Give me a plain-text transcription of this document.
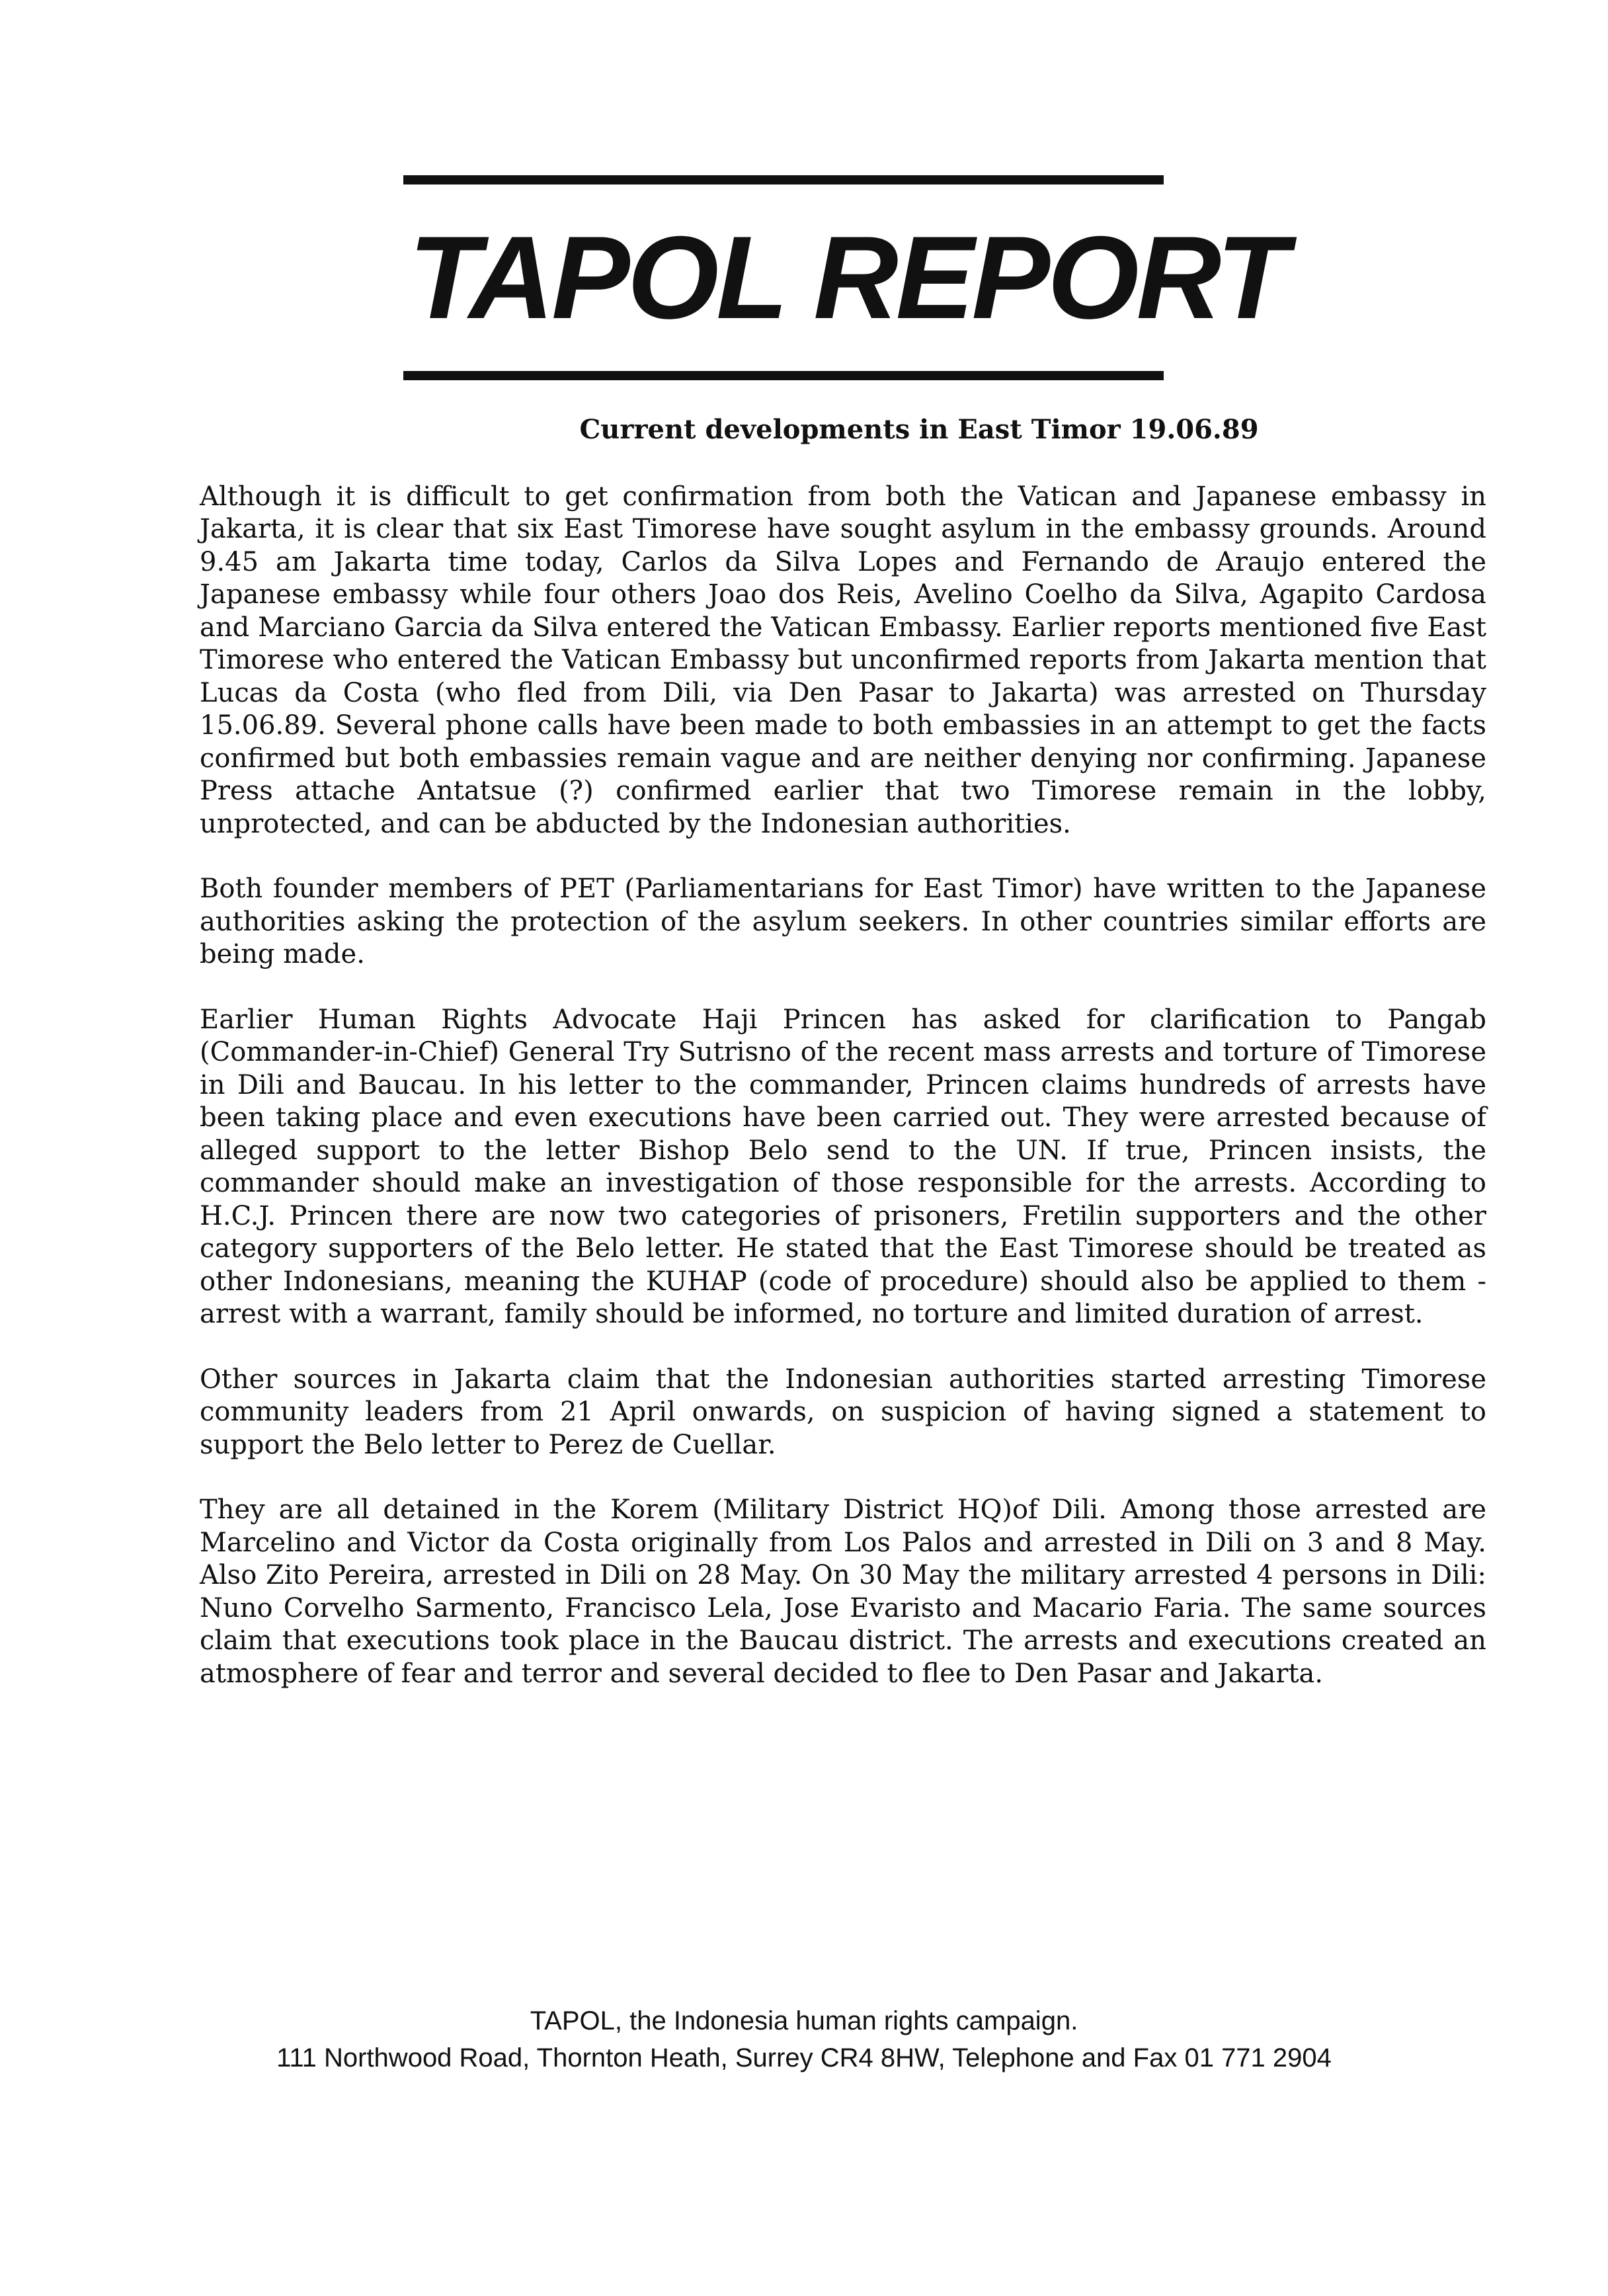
TAPOL REPORT
Current developments in East Timor 19.06.89

Although it is difficult to get confirmation from both the Vatican and Japanese embassy in Jakarta, it is clear that six East Timorese have sought asylum in the embassy grounds. Around 9.45 am Jakarta time today, Carlos da Silva Lopes and Fernando de Araujo entered the Japanese embassy while four others Joao dos Reis, Avelino Coelho da Silva, Agapito Cardosa and Marciano Garcia da Silva entered the Vatican Embassy. Earlier reports mentioned five East Timorese who entered the Vatican Embassy but unconfirmed reports from Jakarta mention that Lucas da Costa (who fled from Dili, via Den Pasar to Jakarta) was arrested on Thursday 15.06.89. Several phone calls have been made to both embassies in an attempt to get the facts confirmed but both embassies remain vague and are neither denying nor confirming. Japanese Press attache Antatsue (?) confirmed earlier that two Timorese remain in the lobby, unprotected, and can be abducted by the Indonesian authorities.

Both founder members of PET (Parliamentarians for East Timor) have written to the Japanese authorities asking the protection of the asylum seekers. In other countries similar efforts are being made.

Earlier Human Rights Advocate Haji Princen has asked for clarification to Pangab (Commander-in-Chief) General Try Sutrisno of the recent mass arrests and torture of Timorese in Dili and Baucau. In his letter to the commander, Princen claims hundreds of arrests have been taking place and even executions have been carried out. They were arrested because of alleged support to the letter Bishop Belo send to the UN. If true, Princen insists, the commander should make an investigation of those responsible for the arrests. According to H.C.J. Princen there are now two categories of prisoners, Fretilin supporters and the other category supporters of the Belo letter. He stated that the East Timorese should be treated as other Indonesians, meaning the KUHAP (code of procedure) should also be applied to them - arrest with a warrant, family should be informed, no torture and limited duration of arrest.

Other sources in Jakarta claim that the Indonesian authorities started arresting Timorese community leaders from 21 April onwards, on suspicion of having signed a statement to support the Belo letter to Perez de Cuellar.

They are all detained in the Korem (Military District HQ)of Dili. Among those arrested are Marcelino and Victor da Costa originally from Los Palos and arrested in Dili on 3 and 8 May. Also Zito Pereira, arrested in Dili on 28 May. On 30 May the military arrested 4 persons in Dili: Nuno Corvelho Sarmento, Francisco Lela, Jose Evaristo and Macario Faria. The same sources claim that executions took place in the Baucau district. The arrests and executions created an atmosphere of fear and terror and several decided to flee to Den Pasar and Jakarta.

TAPOL, the Indonesia human rights campaign.
111 Northwood Road, Thornton Heath, Surrey CR4 8HW, Telephone and Fax 01 771 2904
